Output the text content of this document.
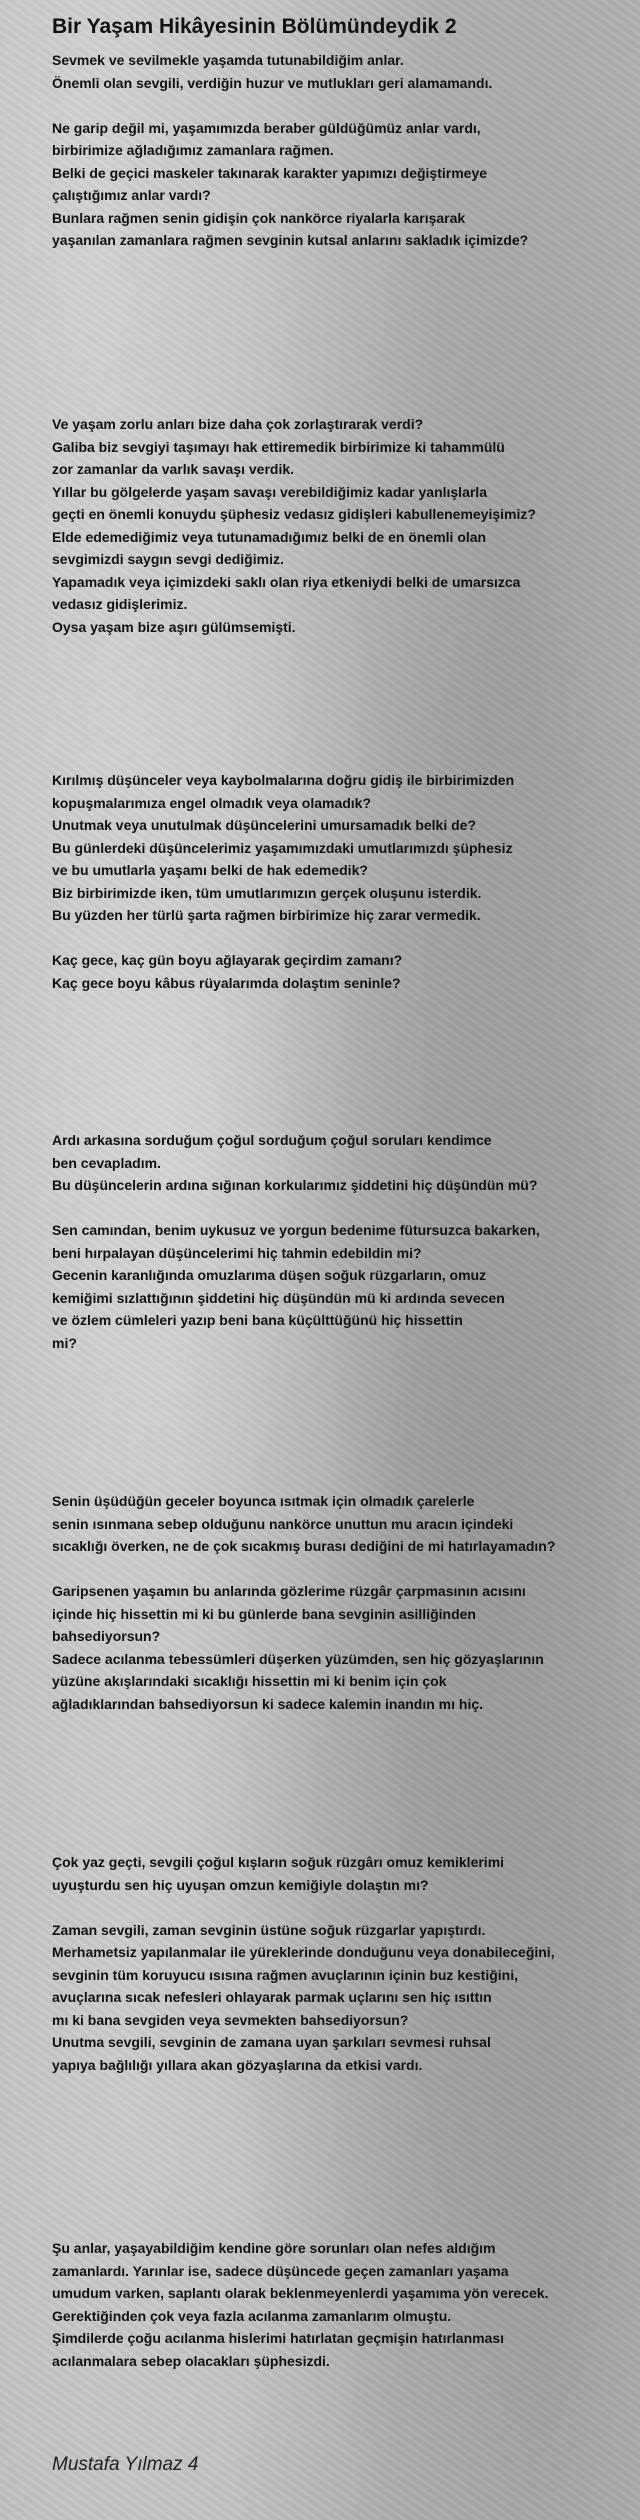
Bir Yaşam Hikâyesinin Bölümündeydik 2
Sevmek ve sevilmekle yaşamda tutunabildiğim anlar.
Önemli olan sevgili, verdiğin huzur ve mutlukları geri alamamandı.

Ne garip değil mi, yaşamımızda beraber güldüğümüz anlar vardı,
birbirimize ağladığımız zamanlara rağmen.
Belki de geçici maskeler takınarak karakter yapımızı değiştirmeye
çalıştığımız anlar vardı?
Bunlara rağmen senin gidişin çok nankörce riyalarla karışarak
yaşanılan zamanlara rağmen sevginin kutsal anlarını sakladık içimizde?
Ve yaşam zorlu anları bize daha çok zorlaştırarak verdi?
Galiba biz sevgiyi taşımayı hak ettiremedik birbirimize ki tahammülü
zor zamanlar da varlık savaşı verdik.
Yıllar bu gölgelerde yaşam savaşı verebildiğimiz kadar yanlışlarla
geçti en önemli konuydu şüphesiz vedasız gidişleri kabullenemeyişimiz?
Elde edemediğimiz veya tutunamadığımız belki de en önemli olan
sevgimizdi saygın sevgi dediğimiz.
Yapamadık veya içimizdeki saklı olan riya etkeniydi belki de umarsızca
vedasız gidişlerimiz.
Oysa yaşam bize aşırı gülümsemişti.
Kırılmış düşünceler veya kaybolmalarına doğru gidiş ile birbirimizden
kopuşmalarımıza engel olmadık veya olamadık?
Unutmak veya unutulmak düşüncelerini umursamadık belki de?
Bu günlerdeki düşüncelerimiz yaşamımızdaki umutlarımızdı şüphesiz
ve bu umutlarla yaşamı belki de hak edemedik?
Biz birbirimizde iken, tüm umutlarımızın gerçek oluşunu isterdik.
Bu yüzden her türlü şarta rağmen birbirimize hiç zarar vermedik.

Kaç gece, kaç gün boyu ağlayarak geçirdim zamanı?
Kaç gece boyu kâbus rüyalarımda dolaştım seninle?
Ardı arkasına sorduğum çoğul sorduğum çoğul soruları kendimce
ben cevapladım.
Bu düşüncelerin ardına sığınan korkularımız şiddetini hiç düşündün mü?

Sen camından, benim uykusuz ve yorgun bedenime fütursuzca bakarken,
beni hırpalayan düşüncelerimi hiç tahmin edebildin mi?
Gecenin karanlığında omuzlarıma düşen soğuk rüzgarların, omuz
kemiğimi sızlattığının şiddetini hiç düşündün mü ki ardında sevecen
ve özlem cümleleri yazıp beni bana küçülttüğünü hiç hissettin
mi?
Senin üşüdüğün geceler boyunca ısıtmak için olmadık çarelerle
senin ısınmana sebep olduğunu nankörce unuttun mu aracın içindeki
sıcaklığı överken, ne de çok sıcakmış burası dediğini de mi hatırlayamadın?

Garipsenen yaşamın bu anlarında gözlerime rüzgâr çarpmasının acısını
içinde hiç hissettin mi ki bu günlerde bana sevginin asilliğinden
bahsediyorsun?
Sadece acılanma tebessümleri düşerken yüzümden, sen hiç gözyaşlarının
yüzüne akışlarındaki sıcaklığı hissettin mi ki benim için çok
ağladıklarından bahsediyorsun ki sadece kalemin inandın mı hiç.
Çok yaz geçti, sevgili çoğul kışların soğuk rüzgârı omuz kemiklerimi
uyuşturdu sen hiç uyuşan omzun kemiğiyle dolaştın mı?

Zaman sevgili, zaman sevginin üstüne soğuk rüzgarlar yapıştırdı.
Merhametsiz yapılanmalar ile yüreklerinde donduğunu veya donabileceğini,
sevginin tüm koruyucu ısısına rağmen avuçlarının içinin buz kestiğini,
avuçlarına sıcak nefesleri ohlayarak parmak uçlarını sen hiç ısıttın
mı ki bana sevgiden veya sevmekten bahsediyorsun?
Unutma sevgili, sevginin de zamana uyan şarkıları sevmesi ruhsal
yapıya bağlılığı yıllara akan gözyaşlarına da etkisi vardı.
Şu anlar, yaşayabildiğim kendine göre sorunları olan nefes aldığım
zamanlardı. Yarınlar ise, sadece düşüncede geçen zamanları yaşama
umudum varken, saplantı olarak beklenmeyenlerdi yaşamıma yön verecek.
Gerektiğinden çok veya fazla acılanma zamanlarım olmuştu.
Şimdilerde çoğu acılanma hislerimi hatırlatan geçmişin hatırlanması
acılanmalara sebep olacakları şüphesizdi.
Mustafa Yılmaz 4
